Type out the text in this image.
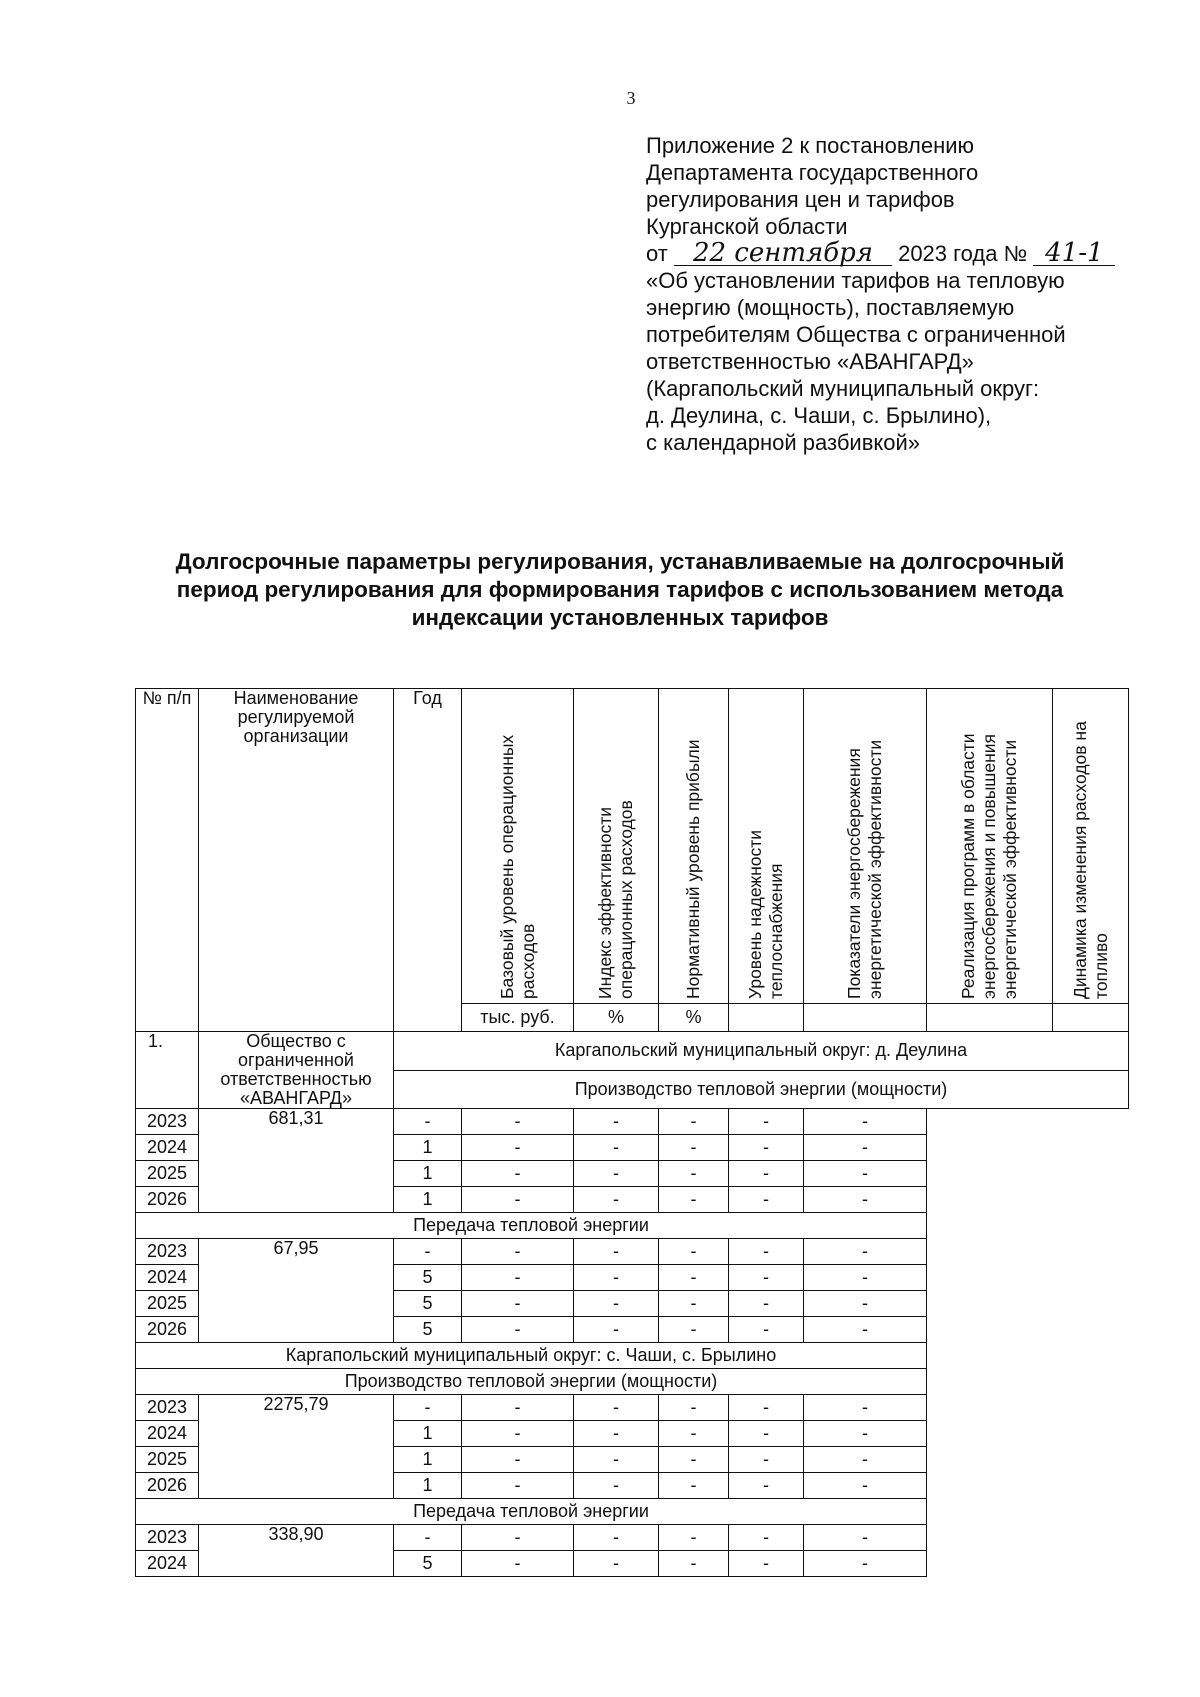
3
Приложение 2 к постановлению
Департамента государственного
регулирования цен и тарифов
Курганской области
от 22 сентября 2023 года № 41-1
«Об установлении тарифов на тепловую
энергию (мощность), поставляемую
потребителям Общества с ограниченной
ответственностью «АВАНГАРД»
(Каргапольский муниципальный округ:
д. Деулина, с. Чаши, с. Брылино),
с календарной разбивкой»
Долгосрочные параметры регулирования, устанавливаемые на долгосрочный
период регулирования для формирования тарифов с использованием метода
индексации установленных тарифов
№ п/п	Наименование регулируемой организации	Год	Базовый уровень операционных расходов	Индекс эффективности операционных расходов	Нормативный уровень прибыли	Уровень надежности теплоснабжения	Показатели энергосбережения энергетической эффективности	Реализация программ в области энергосбережения и повышения энергетической эффективности	Динамика изменения расходов на топливо
			тыс. руб.	%	%				
1.	Общество с ограниченной ответственностью «АВАНГАРД»	Каргапольский муниципальный округ: д. Деулина							
		Производство тепловой энергии (мощности)							
2023	681,31	-	-	-	-	-	-		
2024		1	-	-	-	-	-		
2025		1	-	-	-	-	-		
2026		1	-	-	-	-	-		
Передача тепловой энергии									
2023	67,95	-	-	-	-	-	-		
2024		5	-	-	-	-	-		
2025		5	-	-	-	-	-		
2026		5	-	-	-	-	-		
Каргапольский муниципальный округ: с. Чаши, с. Брылино									
Производство тепловой энергии (мощности)									
2023	2275,79	-	-	-	-	-	-		
2024		1	-	-	-	-	-		
2025		1	-	-	-	-	-		
2026		1	-	-	-	-	-		
Передача тепловой энергии									
2023	338,90	-	-	-	-	-	-		
2024		5	-	-	-	-	-		
